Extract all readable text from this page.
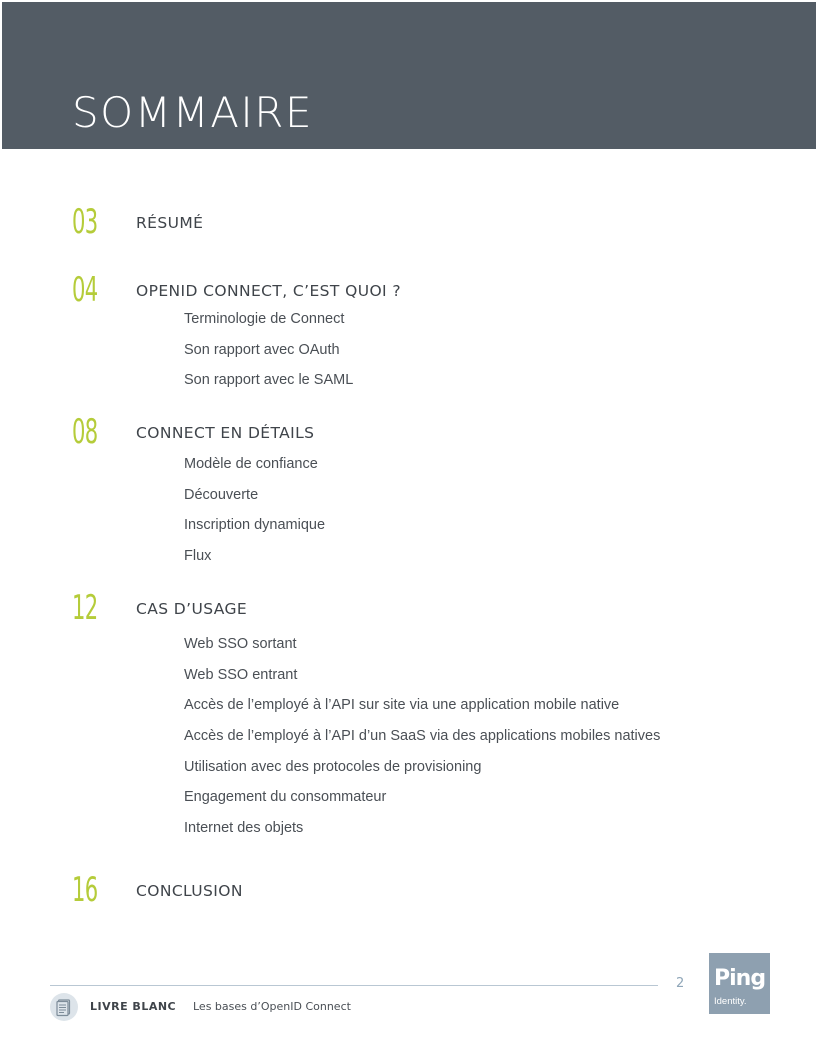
SOMMAIRE
03 RÉSUMÉ
04 OPENID CONNECT, C’EST QUOI ?
Terminologie de Connect
Son rapport avec OAuth
Son rapport avec le SAML
08 CONNECT EN DÉTAILS
Modèle de confiance
Découverte
Inscription dynamique
Flux
12 CAS D’USAGE
Web SSO sortant
Web SSO entrant
Accès de l’employé à l’API sur site via une application mobile native
Accès de l’employé à l’API d’un SaaS via des applications mobiles natives
Utilisation avec des protocoles de provisioning
Engagement du consommateur
Internet des objets
16 CONCLUSION
2 Ping
Identity.
LIVRE BLANC Les bases d’OpenID Connect
